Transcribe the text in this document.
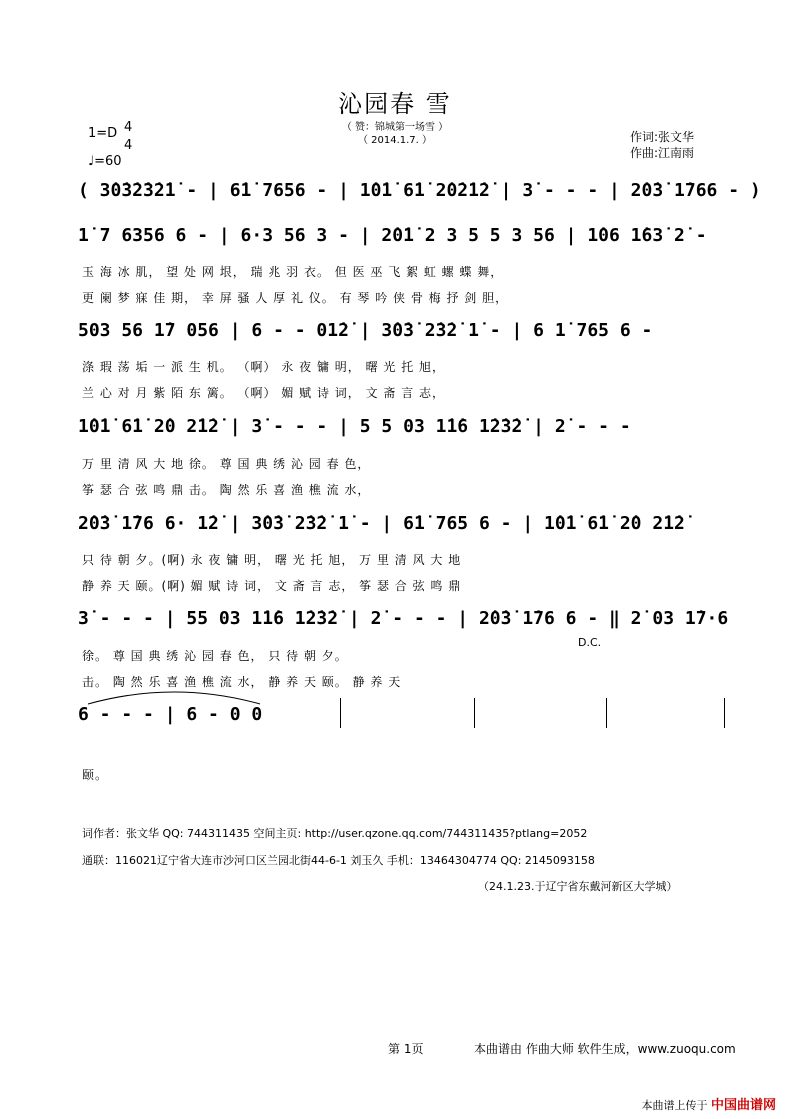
沁园春 雪
（ 赞：锦城第一场雪 ）
（ 2014.1.7. ）
1=D 4
4
♩=60
作词:张文华
作曲:江南雨
( 3̇0̇3̇2̇3̇2̇1̇ - | 6̇1̇ 7656 - | 1̇0̇1̇ 6̇1̇ 2̇0̇2̇1̇2̇ | 3̇ - - - | 2̇0̇3̇ 1̇766 - )
1̇ 7 6356 6 - | 6·3 56 3 - | 2̇0̇1̇ 2 3 5 5 3 56 | 1̇06 1̇63̇ 2̇ -
玉 海 冰 肌， 望 处 网 垠， 瑞 兆 羽 衣。 但 医 巫 飞 絮 虹 螺 蝶 舞，
更 阑 梦 寐 佳 期， 幸 屏 骚 人 厚 礼 仪。 有 琴 吟 侠 骨 梅 抒 剑 胆，
503 56 1̇7 056 | 6 - - 01̇2̇ | 3̇0̇3̇ 2̇3̇2̇ 1̇ - | 6 1̇ 765 6 -
涤 瑕 荡 垢 一 派 生 机。 （啊） 永 夜 镛 明， 曙 光 托 旭，
兰 心 对 月 紫 陌 东 篱。 （啊） 媚 赋 诗 词， 文 斋 言 志，
1̇0̇1̇ 6̇1̇ 2̇0 2̇1̇2̇ | 3̇ - - - | 5 5 03 1̇1̇6 1̇2̇3̇2̇ | 2̇ - - -
万 里 清 风 大 地 徐。 尊 国 典 绣 沁 园 春 色，
筝 瑟 合 弦 鸣 鼎 击。 陶 然 乐 喜 渔 樵 流 水，
2̇0̇3̇ 1̇76 6· 1̇2̇ | 3̇0̇3̇ 2̇3̇2̇ 1̇ - | 6̇1̇ 765 6 - | 1̇0̇1̇ 6̇1̇ 2̇0 2̇1̇2̇
只 待 朝 夕。(啊) 永 夜 镛 明， 曙 光 托 旭， 万 里 清 风 大 地
静 养 天 颐。(啊) 媚 赋 诗 词， 文 斋 言 志， 筝 瑟 合 弦 鸣 鼎
3̇ - - - | 55 03 1̇1̇6 1̇2̇3̇2̇ | 2̇ - - - | 2̇0̇3̇ 1̇76 6 - ‖ 2̇ 03 1̇7·6
D.C.
徐。 尊 国 典 绣 沁 园 春 色， 只 待 朝 夕。
击。 陶 然 乐 喜 渔 樵 流 水， 静 养 天 颐。 静 养 天
6 - - - | 6 - 0 0
颐。
词作者：张文华 QQ: 744311435 空间主页: http://user.qzone.qq.com/744311435?ptlang=2052
通联：116021辽宁省大连市沙河口区兰园北街44-6-1 刘玉久 手机：13464304774 QQ: 2145093158
（24.1.23.于辽宁省东戴河新区大学城）
第 1页	本曲谱由 作曲大师 软件生成，www.zuoqu.com
本曲谱上传于 中国曲谱网
